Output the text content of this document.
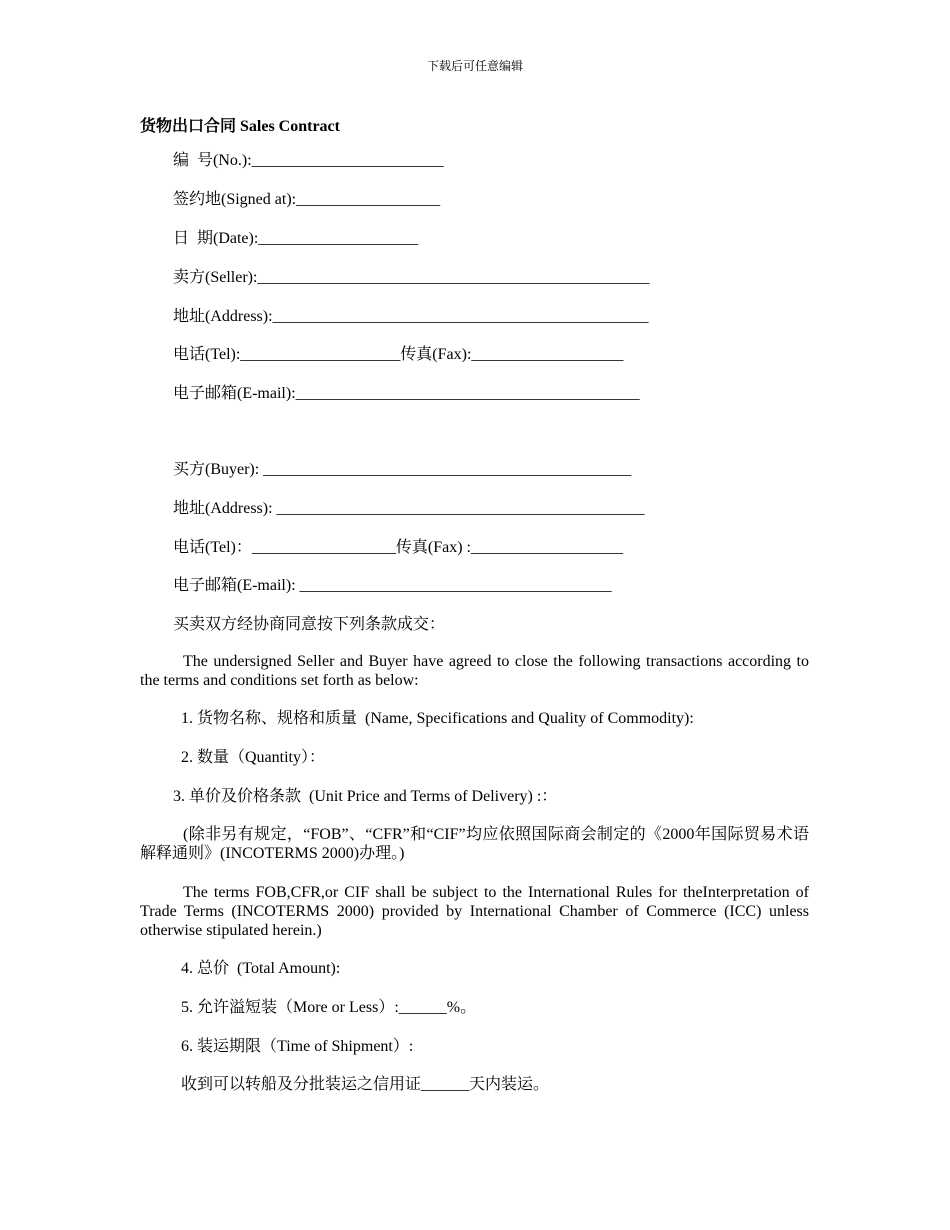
下载后可任意编辑
货物出口合同 Sales Contract
编  号(No.):________________________
签约地(Signed at):__________________
日  期(Date):____________________
卖方(Seller):_________________________________________________
地址(Address):_______________________________________________
电话(Tel):____________________传真(Fax):___________________
电子邮箱(E-mail):___________________________________________
买方(Buyer): ______________________________________________
地址(Address): ______________________________________________
电话(Tel)：__________________传真(Fax) :___________________
电子邮箱(E-mail): _______________________________________
买卖双方经协商同意按下列条款成交：
The undersigned Seller and Buyer have agreed to close the following transactions according to the terms and conditions set forth as below:
1. 货物名称、规格和质量  (Name, Specifications and Quality of Commodity):
2. 数量（Quantity）：
3. 单价及价格条款  (Unit Price and Terms of Delivery) :：
(除非另有规定，“FOB”、“CFR”和“CIF”均应依照国际商会制定的《2000年国际贸易术语解释通则》(INCOTERMS 2000)办理。)
The terms FOB,CFR,or CIF shall be subject to the International Rules for theInterpretation of Trade Terms (INCOTERMS 2000) provided by International Chamber of Commerce (ICC) unless otherwise stipulated herein.)
4. 总价  (Total Amount):
5. 允许溢短装（More or Less）:______%。
6. 装运期限（Time of Shipment）:
收到可以转船及分批装运之信用证______天内装运。
